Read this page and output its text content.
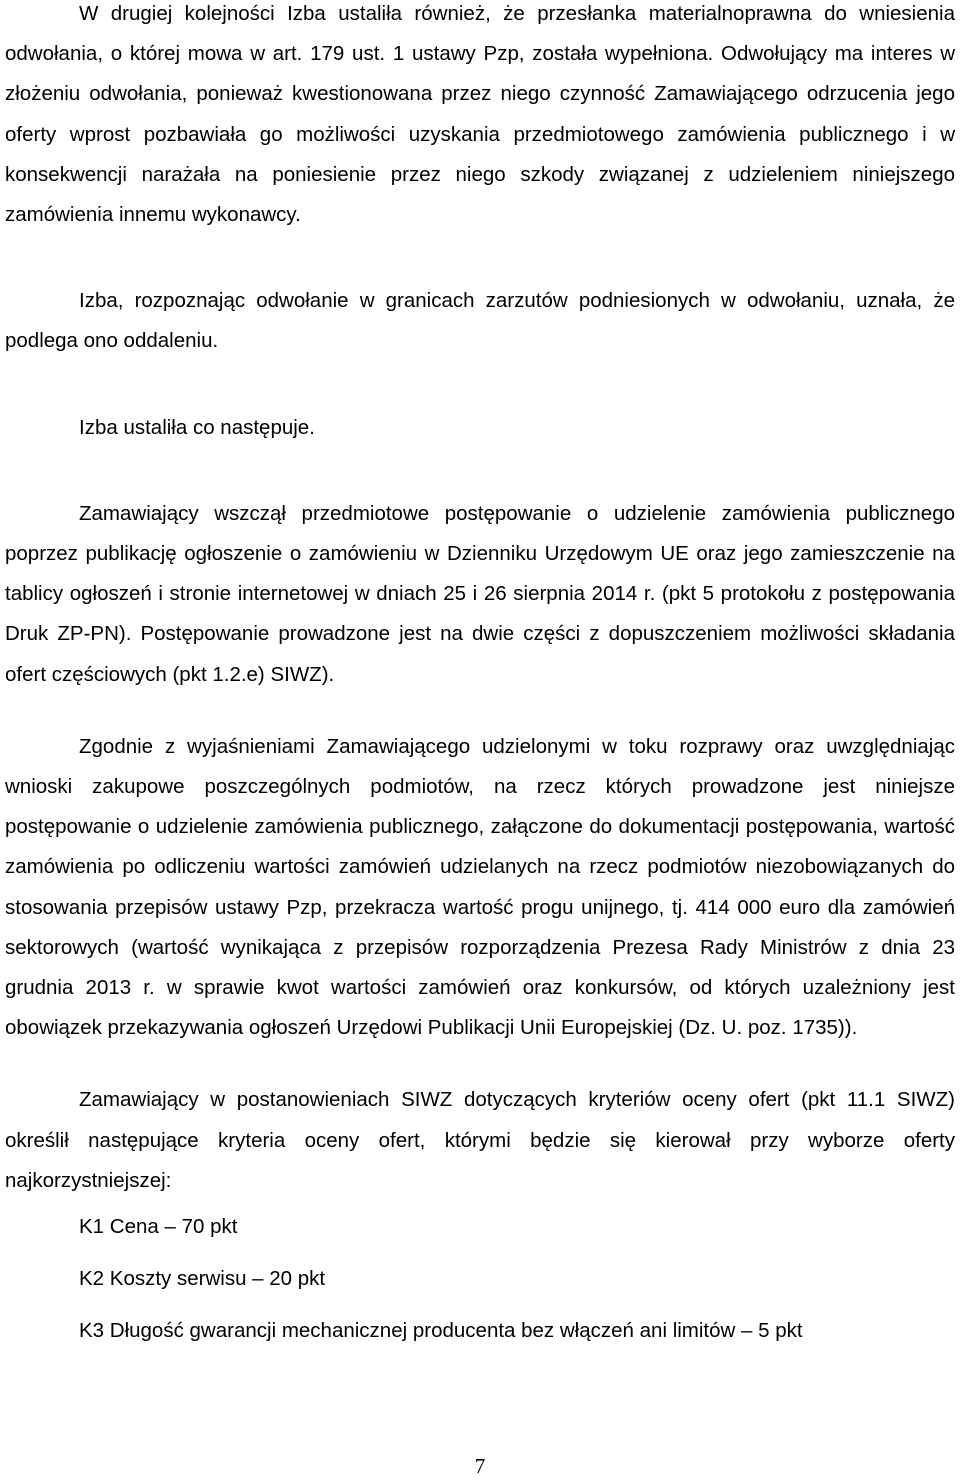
W drugiej kolejności Izba ustaliła również, że przesłanka materialnoprawna do wniesienia odwołania, o której mowa w art. 179 ust. 1 ustawy Pzp, została wypełniona. Odwołujący ma interes w złożeniu odwołania, ponieważ kwestionowana przez niego czynność Zamawiającego odrzucenia jego oferty wprost pozbawiała go możliwości uzyskania przedmiotowego zamówienia publicznego i w konsekwencji narażała na poniesienie przez niego szkody związanej z udzieleniem niniejszego zamówienia innemu wykonawcy.

Izba, rozpoznając odwołanie w granicach zarzutów podniesionych w odwołaniu, uznała, że podlega ono oddaleniu.

Izba ustaliła co następuje.

Zamawiający wszczął przedmiotowe postępowanie o udzielenie zamówienia publicznego poprzez publikację ogłoszenie o zamówieniu w Dzienniku Urzędowym UE oraz jego zamieszczenie na tablicy ogłoszeń i stronie internetowej w dniach 25 i 26 sierpnia 2014 r. (pkt 5 protokołu z postępowania Druk ZP-PN). Postępowanie prowadzone jest na dwie części z dopuszczeniem możliwości składania ofert częściowych (pkt 1.2.e) SIWZ).

Zgodnie z wyjaśnieniami Zamawiającego udzielonymi w toku rozprawy oraz uwzględniając wnioski zakupowe poszczególnych podmiotów, na rzecz których prowadzone jest niniejsze postępowanie o udzielenie zamówienia publicznego, załączone do dokumentacji postępowania, wartość zamówienia po odliczeniu wartości zamówień udzielanych na rzecz podmiotów niezobowiązanych do stosowania przepisów ustawy Pzp, przekracza wartość progu unijnego, tj. 414 000 euro dla zamówień sektorowych (wartość wynikająca z przepisów rozporządzenia Prezesa Rady Ministrów z dnia 23 grudnia 2013 r. w sprawie kwot wartości zamówień oraz konkursów, od których uzależniony jest obowiązek przekazywania ogłoszeń Urzędowi Publikacji Unii Europejskiej (Dz. U. poz. 1735)).

Zamawiający w postanowieniach SIWZ dotyczących kryteriów oceny ofert (pkt 11.1 SIWZ) określił następujące kryteria oceny ofert, którymi będzie się kierował przy wyborze oferty najkorzystniejszej:

K1 Cena – 70 pkt
K2 Koszty serwisu – 20 pkt
K3 Długość gwarancji mechanicznej producenta bez włączeń ani limitów – 5 pkt
7
